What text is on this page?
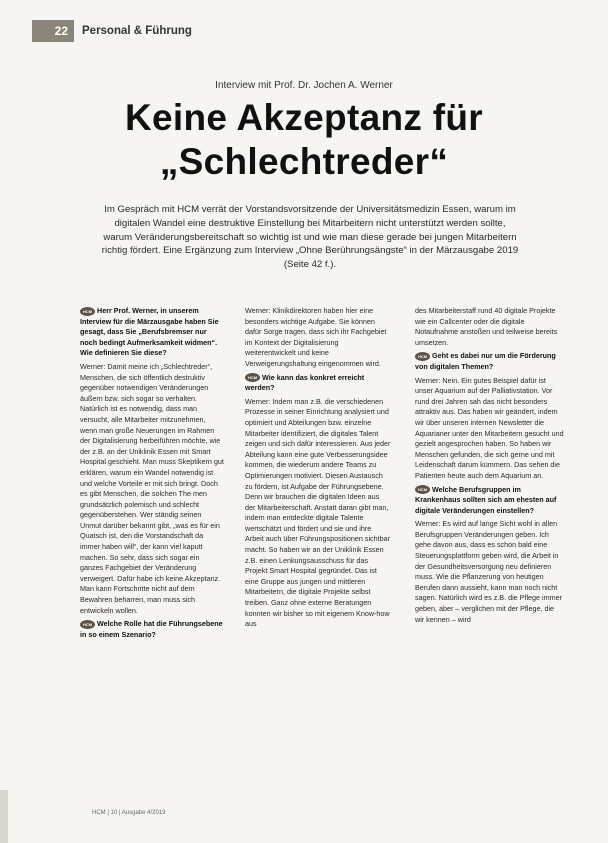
22	Personal & Führung
Interview mit Prof. Dr. Jochen A. Werner
Keine Akzeptanz für
„Schlechtreder“
Im Gespräch mit HCM verrät der Vorstandsvorsitzende der Universitätsmedizin Essen, warum im digitalen Wandel eine destruktive Einstellung bei Mitarbeitern nicht unterstützt werden sollte, warum Veränderungsbereitschaft so wichtig ist und wie man diese gerade bei jungen Mitarbeitern richtig fördert. Eine Ergänzung zum Interview „Ohne Berührungsängste“ in der Märzausgabe 2019 (Seite 42 f.).

HCM Herr Prof. Werner, in unserem Interview für die Märzausgabe haben Sie gesagt, dass Sie „Berufsbremser nur noch bedingt Aufmerksamkeit widmen“. Wie definieren Sie diese?

Werner: Damit meine ich „Schlechtreder“, Menschen, die sich öffentlich destruktiv gegenüber notwendigen Veränderungen äußern bzw. sich sogar so verhalten. Natürlich ist es notwendig, dass man versucht, alle Mitarbeiter mitzunehmen, wenn man große Neuerungen im Rahmen der Digitalisierung herbeiführen möchte, wie der z.B. an der Uniklinik Essen mit Smart Hospital geschieht. Man muss Skeptikern gut erklären, warum ein Wandel notwendig ist und welche Vorteile er mit sich bringt. Doch es gibt Menschen, die solchen The men grundsätzlich polemisch und schlecht gegenüberstehen. Wer ständig seinen Unmut darüber bekannt gibt, „was es für ein Quatsch ist, den die Vorstandschaft da immer haben will“, der kann viel kaputt machen. So sehr, dass sich sogar ein ganzes Fachgebiet der Veränderung verweigert. Dafür habe ich keine Akzeptanz. Man kann Fortschritte nicht auf dem Bewahren beharren, man muss sich entwickeln wollen.

HCM Welche Rolle hat die Führungsebene in so einem Szenario?

Werner: Klinikdirektoren haben hier eine besonders wichtige Aufgabe. Sie können dafür Sorge tragen, dass sich ihr Fachgebiet im Kontext der Digitalisierung weiterentwickelt und keine Verweigerungshaltung eingenommen wird.

HCM Wie kann das konkret erreicht werden?

Werner: Indem man z.B. die verschiedenen Prozesse in seiner Einrichtung analysiert und optimiert und Abteilungen bzw. einzelne Mitarbeiter identifiziert, die digitales Talent zeigen und sich dafür interessieren. Aus jeder Abteilung kann eine gute Verbesserungsidee kommen, die wiederum andere Teams zu Optimierungen motiviert. Diesen Austausch zu fördern, ist Aufgabe der Führungsebene. Denn wir brauchen die digitalen Ideen aus der Mitarbeiterschaft. Anstatt daran gibt man, indem man entdeckte digitale Talente wertschätzt und fördert und sie und ihre Arbeit auch über Führungspositionen sichtbar macht. So haben wir an der Uniklinik Essen z.B. einen Lenkungsausschuss für das Projekt Smart Hospital gegründet. Das ist eine Gruppe aus jungen und mittleren Mitarbeitern, die digitale Projekte selbst treiben. Ganz ohne externe Beratungen konnten wir bisher so mit eigenem Know-how aus

des Mitarbeiterstaff rund 40 digitale Projekte wie ein Callcenter oder die digitale Notaufnahme anstoßen und teilweise bereits umsetzen.

HCM Geht es dabei nur um die Förderung von digitalen Themen?

Werner: Nein. Ein gutes Beispiel dafür ist unser Aquarium auf der Palliativstation. Vor rund drei Jahren sah das nicht besonders attraktiv aus. Das haben wir geändert, indem wir über unseren internen Newsletter die Aquarianer unter den Mitarbeitern gesucht und gezielt angesprochen haben. So haben wir Menschen gefunden, die sich gerne und mit Leidenschaft darum kümmern. Das sehen die Patienten heute auch dem Aquarium an.

HCM Welche Berufsgruppen im Krankenhaus sollten sich am ehesten auf digitale Veränderungen einstellen?

Werner: Es wird auf lange Sicht wohl in allen Berufsgruppen Veränderungen geben. Ich gehe davon aus, dass es schon bald eine Steuerungsplattform geben wird, die Arbeit in der Gesundheitsversorgung neu definieren muss. Wie die Pflanzerung von heutigen Berufen dann aussieht, kann man noch nicht sagen. Natürlich wird es z.B. die Pflege immer geben, aber – verglichen mit der Pflege, die wir kennen – wird

HCM | 10 | Ausgabe 4/2019
